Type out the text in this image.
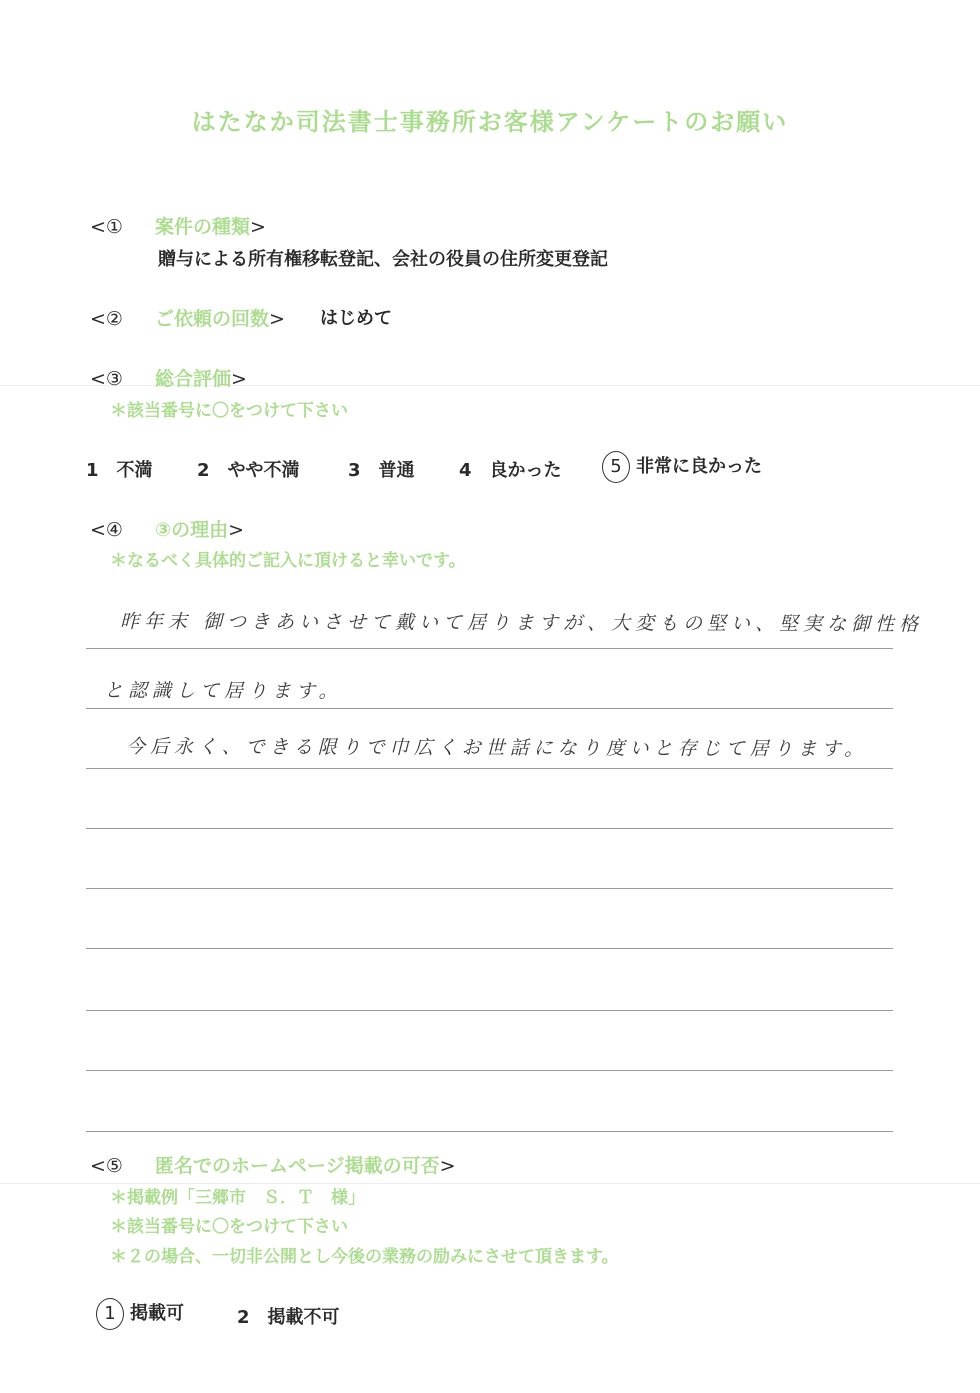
はたなか司法書士事務所お客様アンケートのお願い
<① 案件の種類>
贈与による所有権移転登記、会社の役員の住所変更登記
<② ご依頼の回数> はじめて
<③ 総合評価>
＊該当番号に〇をつけて下さい
1 不満 2 やや不満	3 普通 4 良かった	5 非常に良かった
<④ ③の理由>
＊なるべく具体的ご記入に頂けると幸いです。
昨年末 御つきあいさせて戴いて居りますが、大変もの堅い、堅実な御性格
と認識して居ります。
今后永く、できる限りで巾広くお世話になり度いと存じて居ります。
<⑤ 匿名でのホームページ掲載の可否>
＊掲載例「三郷市　Ｓ．Ｔ　様」
＊該当番号に〇をつけて下さい
＊２の場合、一切非公開とし今後の業務の励みにさせて頂きます。
1 掲載可	2 掲載不可
